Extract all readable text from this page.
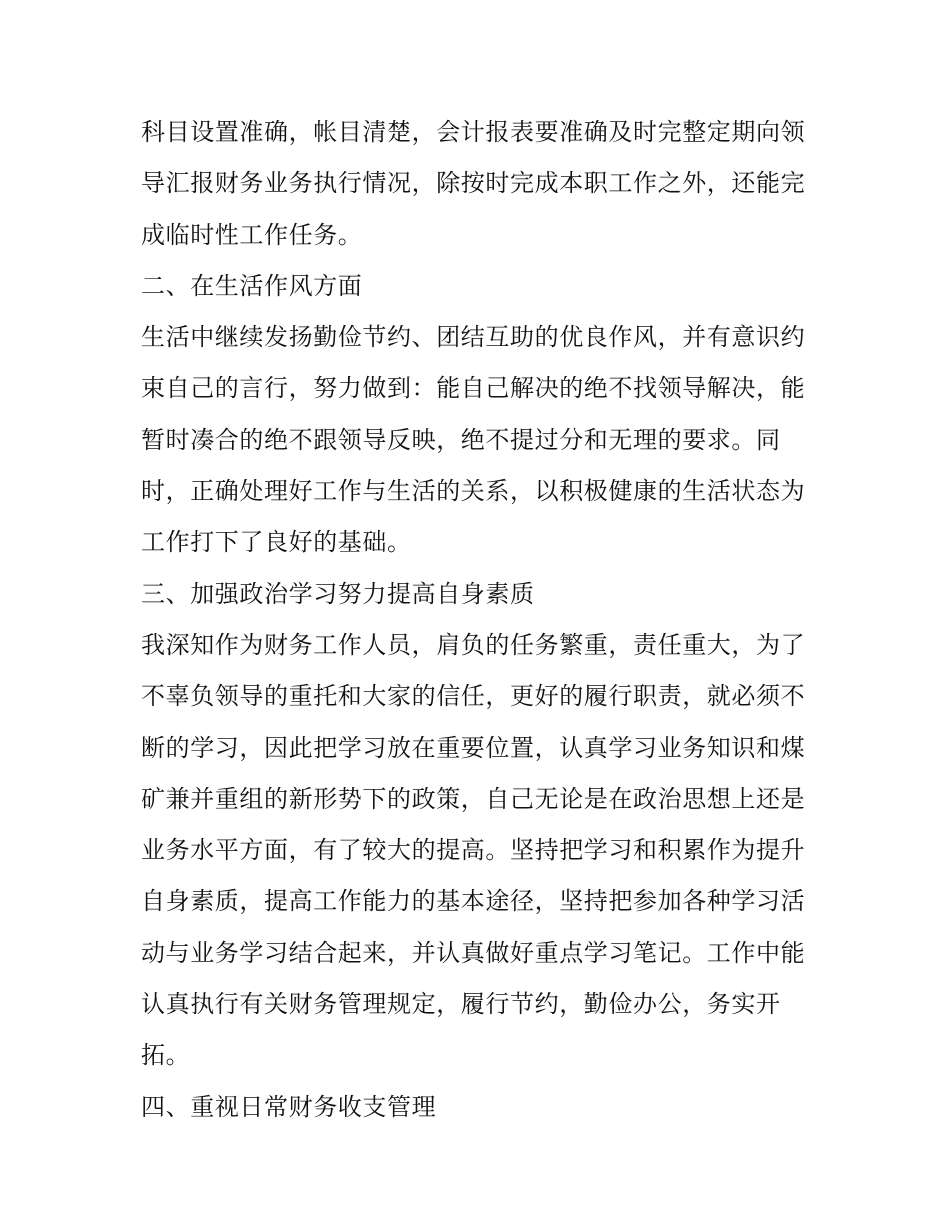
科目设置准确，帐目清楚，会计报表要准确及时完整定期向领
导汇报财务业务执行情况，除按时完成本职工作之外，还能完
成临时性工作任务。
二、在生活作风方面
生活中继续发扬勤俭节约、团结互助的优良作风，并有意识约
束自己的言行，努力做到：能自己解决的绝不找领导解决，能
暂时凑合的绝不跟领导反映，绝不提过分和无理的要求。同
时，正确处理好工作与生活的关系，以积极健康的生活状态为
工作打下了良好的基础。
三、加强政治学习努力提高自身素质
我深知作为财务工作人员，肩负的任务繁重，责任重大，为了
不辜负领导的重托和大家的信任，更好的履行职责，就必须不
断的学习，因此把学习放在重要位置，认真学习业务知识和煤
矿兼并重组的新形势下的政策，自己无论是在政治思想上还是
业务水平方面，有了较大的提高。坚持把学习和积累作为提升
自身素质，提高工作能力的基本途径，坚持把参加各种学习活
动与业务学习结合起来，并认真做好重点学习笔记。工作中能
认真执行有关财务管理规定，履行节约，勤俭办公，务实开
拓。
四、重视日常财务收支管理
